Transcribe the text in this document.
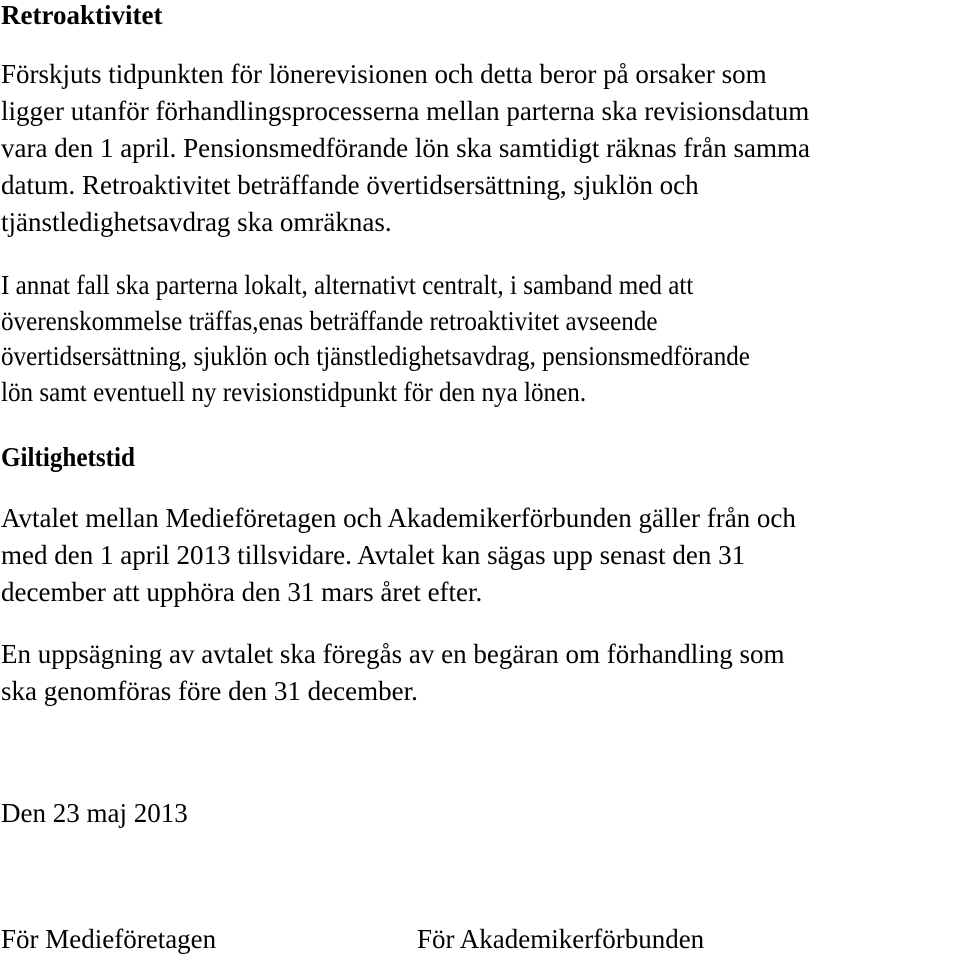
Retroaktivitet
Förskjuts tidpunkten för lönerevisionen och detta beror på orsaker som
ligger utanför förhandlingsprocesserna mellan parterna ska revisionsdatum
vara den 1 april. Pensionsmedförande lön ska samtidigt räknas från samma
datum. Retroaktivitet beträffande övertidsersättning, sjuklön och
tjänstledighetsavdrag ska omräknas.
I annat fall ska parterna lokalt, alternativt centralt, i samband med att
överenskommelse träffas,enas beträffande retroaktivitet avseende
övertidsersättning, sjuklön och tjänstledighetsavdrag, pensionsmedförande
lön samt eventuell ny revisionstidpunkt för den nya lönen.
Giltighetstid
Avtalet mellan Medieföretagen och Akademikerförbunden gäller från och
med den 1 april 2013 tillsvidare. Avtalet kan sägas upp senast den 31
december att upphöra den 31 mars året efter.
En uppsägning av avtalet ska föregås av en begäran om förhandling som
ska genomföras före den 31 december.

Den 23 maj 2013

För Medieföretagen	För Akademikerförbunden
